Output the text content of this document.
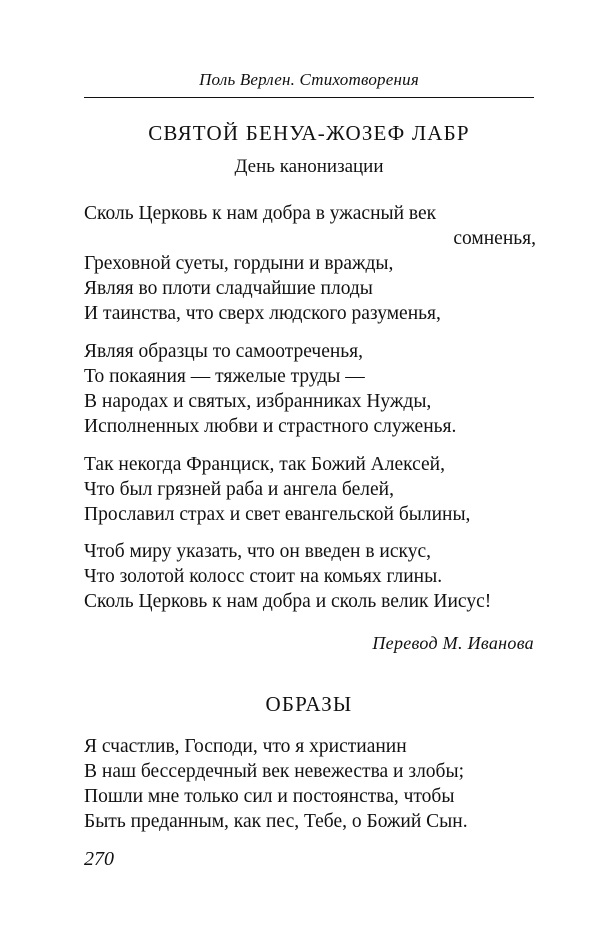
Поль Верлен. Стихотворения
СВЯТОЙ БЕНУА-ЖОЗЕФ ЛАБР
День канонизации
Сколь Церковь к нам добра в ужасный век
сомненья,
Греховной суеты, гордыни и вражды,
Являя во плоти сладчайшие плоды
И таинства, что сверх людского разуменья,
Являя образцы то самоотреченья,
То покаяния — тяжелые труды —
В народах и святых, избранниках Нужды,
Исполненных любви и страстного служенья.
Так некогда Франциск, так Божий Алексей,
Что был грязней раба и ангела белей,
Прославил страх и свет евангельской былины,
Чтоб миру указать, что он введен в искус,
Что золотой колосс стоит на комьях глины.
Сколь Церковь к нам добра и сколь велик Иисус!
Перевод М. Иванова
ОБРАЗЫ
Я счастлив, Господи, что я христианин
В наш бессердечный век невежества и злобы;
Пошли мне только сил и постоянства, чтобы
Быть преданным, как пес, Тебе, о Божий Сын.
270
